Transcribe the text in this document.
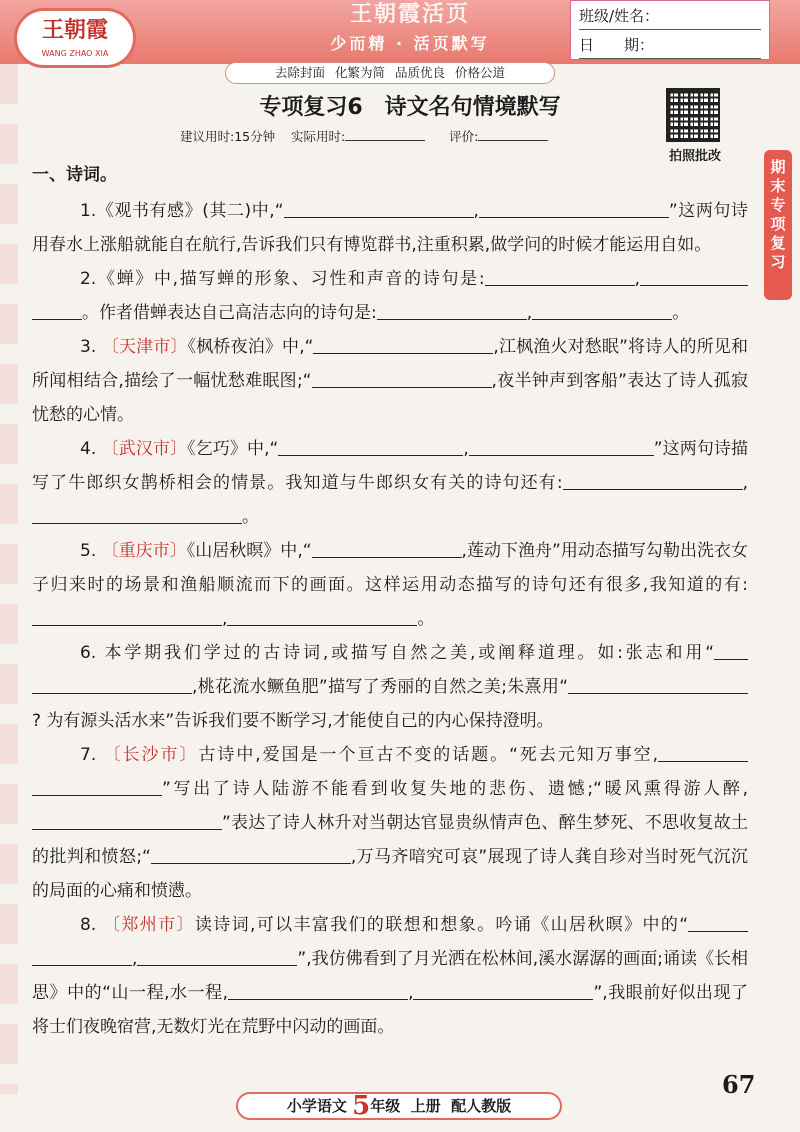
王朝霞
WANG ZHAO XIA
王朝霞活页
少而精 · 活页默写
班级/姓名：
日　　期：
去除封面 化繁为简 品质优良 价格公道
专项复习6　诗文名句情境默写
建议用时:15分钟 实际用时:	评价:
拍照批改
期末专项复习
一、诗词。

1.《观书有感》(其二)中,“	,	”这两句诗用春水上涨船就能自在航行,告诉我们只有博览群书,注重积累,做学问的时候才能运用自如。

2.《蝉》中,描写蝉的形象、习性和声音的诗句是:	,。作者借蝉表达自己高洁志向的诗句是:	,	。

3. 〔天津市〕《枫桥夜泊》中,“	,江枫渔火对愁眠”将诗人的所见和所闻相结合,描绘了一幅忧愁难眠图;“	,夜半钟声到客船”表达了诗人孤寂忧愁的心情。

4. 〔武汉市〕《乞巧》中,“	,	”这两句诗描写了牛郎织女鹊桥相会的情景。我知道与牛郎织女有关的诗句还有:	,。

5. 〔重庆市〕《山居秋暝》中,“	,莲动下渔舟”用动态描写勾勒出洗衣女子归来时的场景和渔船顺流而下的画面。这样运用动态描写的诗句还有很多,我知道的有:,	。

6. 本学期我们学过的古诗词,或描写自然之美,或阐释道理。如:张志和用“,桃花流水鳜鱼肥”描写了秀丽的自然之美;朱熹用“? 为有源头活水来”告诉我们要不断学习,才能使自己的内心保持澄明。

7. 〔长沙市〕古诗中,爱国是一个亘古不变的话题。“死去元知万事空,”写出了诗人陆游不能看到收复失地的悲伤、遗憾;“暖风熏得游人醉,”表达了诗人林升对当朝达官显贵纵情声色、醉生梦死、不思收复故土的批判和愤怒;“	,万马齐喑究可哀”展现了诗人龚自珍对当时死气沉沉的局面的心痛和愤懑。

8. 〔郑州市〕读诗词,可以丰富我们的联想和想象。吟诵《山居秋暝》中的“,	”,我仿佛看到了月光洒在松林间,溪水潺潺的画面;诵读《长相思》中的“山一程,水一程,	,	”,我眼前好似出现了将士们夜晚宿营,无数灯光在荒野中闪动的画面。

67
小学语文 5年级 上册 配人教版
